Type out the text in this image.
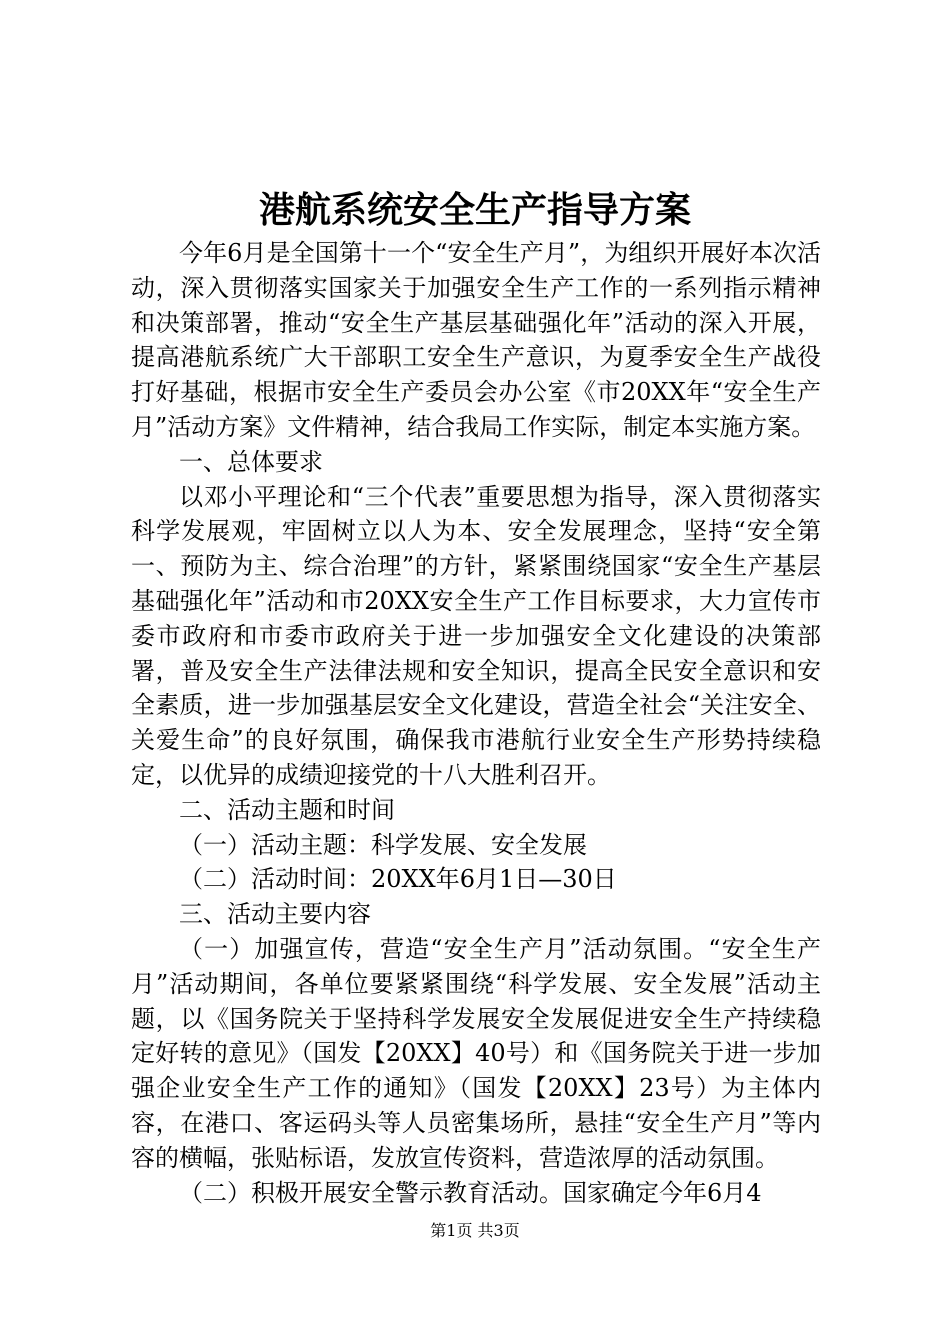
港航系统安全生产指导方案

今年6月是全国第十一个“安全生产月”，为组织开展好本次活动，深入贯彻落实国家关于加强安全生产工作的一系列指示精神和决策部署，推动“安全生产基层基础强化年”活动的深入开展，提高港航系统广大干部职工安全生产意识，为夏季安全生产战役打好基础，根据市安全生产委员会办公室《市20XX年“安全生产月”活动方案》文件精神，结合我局工作实际，制定本实施方案。

一、总体要求

以邓小平理论和“三个代表”重要思想为指导，深入贯彻落实科学发展观，牢固树立以人为本、安全发展理念，坚持“安全第一、预防为主、综合治理”的方针，紧紧围绕国家“安全生产基层基础强化年”活动和市20XX安全生产工作目标要求，大力宣传市委市政府和市委市政府关于进一步加强安全文化建设的决策部署，普及安全生产法律法规和安全知识，提高全民安全意识和安全素质，进一步加强基层安全文化建设，营造全社会“关注安全、关爱生命”的良好氛围，确保我市港航行业安全生产形势持续稳定，以优异的成绩迎接党的十八大胜利召开。

二、活动主题和时间

（一）活动主题：科学发展、安全发展

（二）活动时间：20XX年6月1日—30日

三、活动主要内容

（一）加强宣传，营造“安全生产月”活动氛围。“安全生产月”活动期间，各单位要紧紧围绕“科学发展、安全发展”活动主题，以《国务院关于坚持科学发展安全发展促进安全生产持续稳定好转的意见》（国发【20XX】40号）和《国务院关于进一步加强企业安全生产工作的通知》（国发【20XX】23号）为主体内容，在港口、客运码头等人员密集场所，悬挂“安全生产月”等内容的横幅，张贴标语，发放宣传资料，营造浓厚的活动氛围。

（二）积极开展安全警示教育活动。国家确定今年6月4

第1页 共3页
